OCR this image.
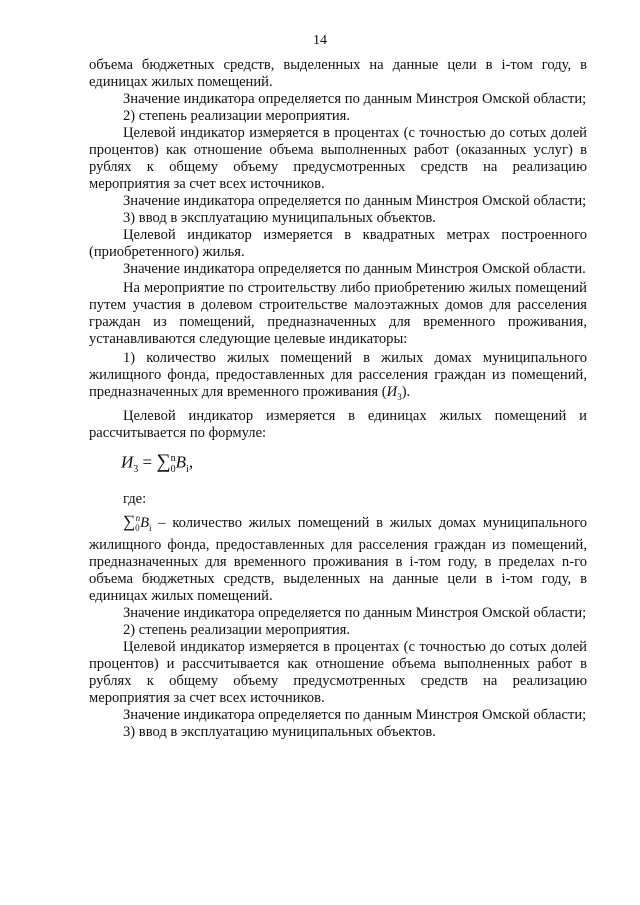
14

объема бюджетных средств, выделенных на данные цели в i-том году, в единицах жилых помещений.

Значение индикатора определяется по данным Минстроя Омской области;

2) степень реализации мероприятия.

Целевой индикатор измеряется в процентах (с точностью до сотых долей процентов) как отношение объема выполненных работ (оказанных услуг) в рублях к общему объему предусмотренных средств на реализацию мероприятия за счет всех источников.

Значение индикатора определяется по данным Минстроя Омской области;

3) ввод в эксплуатацию муниципальных объектов.

Целевой индикатор измеряется в квадратных метрах построенного (приобретенного) жилья.

Значение индикатора определяется по данным Минстроя Омской области.

На мероприятие по строительству либо приобретению жилых помещений путем участия в долевом строительстве малоэтажных домов для расселения граждан из помещений, предназначенных для временного проживания, устанавливаются следующие целевые индикаторы:

1) количество жилых помещений в жилых домах муниципального жилищного фонда, предоставленных для расселения граждан из помещений, предназначенных для временного проживания $(И_3)$.

Целевой индикатор измеряется в единицах жилых помещений и рассчитывается по формуле:

$И_3 = \sum_0^nB_i$,

где:

$\sum_0^nB_i$ – количество жилых помещений в жилых домах муниципального жилищного фонда, предоставленных для расселения граждан из помещений, предназначенных для временного проживания в i-том году, в пределах n-го объема бюджетных средств, выделенных на данные цели в i-том году, в единицах жилых помещений.

Значение индикатора определяется по данным Минстроя Омской области;

2) степень реализации мероприятия.

Целевой индикатор измеряется в процентах (с точностью до сотых долей процентов) и рассчитывается как отношение объема выполненных работ в рублях к общему объему предусмотренных средств на реализацию мероприятия за счет всех источников.

Значение индикатора определяется по данным Минстроя Омской области;

3) ввод в эксплуатацию муниципальных объектов.
